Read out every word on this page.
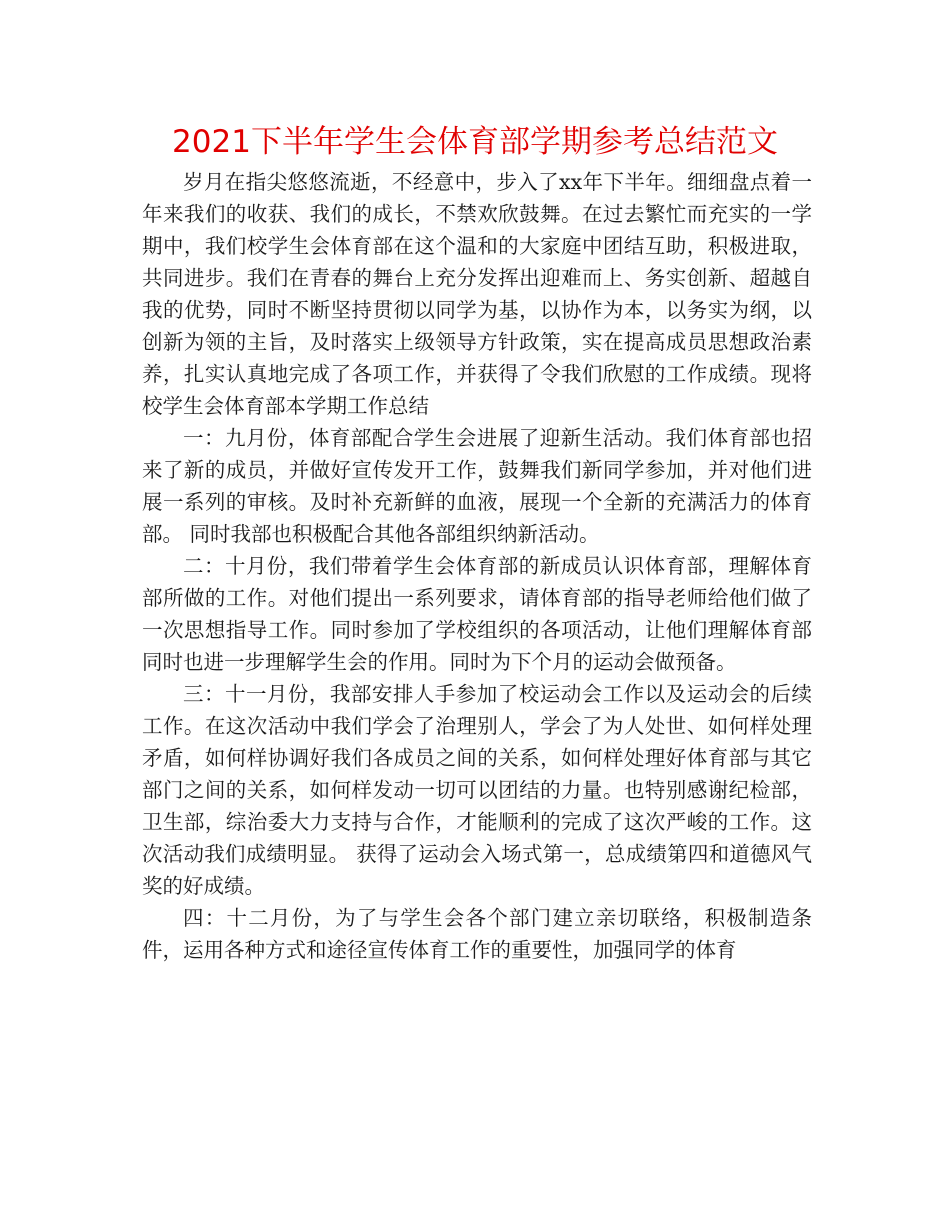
2021下半年学生会体育部学期参考总结范文

岁月在指尖悠悠流逝，不经意中，步入了xx年下半年。细细盘点着一年来我们的收获、我们的成长，不禁欢欣鼓舞。在过去繁忙而充实的一学期中，我们校学生会体育部在这个温和的大家庭中团结互助，积极进取，共同进步。我们在青春的舞台上充分发挥出迎难而上、务实创新、超越自我的优势，同时不断坚持贯彻以同学为基，以协作为本，以务实为纲，以创新为领的主旨，及时落实上级领导方针政策，实在提高成员思想政治素养，扎实认真地完成了各项工作，并获得了令我们欣慰的工作成绩。现将校学生会体育部本学期工作总结

一：九月份，体育部配合学生会进展了迎新生活动。我们体育部也招来了新的成员，并做好宣传发开工作，鼓舞我们新同学参加，并对他们进展一系列的审核。及时补充新鲜的血液，展现一个全新的充满活力的体育部。 同时我部也积极配合其他各部组织纳新活动。

二：十月份，我们带着学生会体育部的新成员认识体育部，理解体育部所做的工作。对他们提出一系列要求，请体育部的指导老师给他们做了一次思想指导工作。同时参加了学校组织的各项活动，让他们理解体育部同时也进一步理解学生会的作用。同时为下个月的运动会做预备。

三：十一月份，我部安排人手参加了校运动会工作以及运动会的后续工作。在这次活动中我们学会了治理别人，学会了为人处世、如何样处理矛盾，如何样协调好我们各成员之间的关系，如何样处理好体育部与其它部门之间的关系，如何样发动一切可以团结的力量。也特别感谢纪检部，卫生部，综治委大力支持与合作，才能顺利的完成了这次严峻的工作。这次活动我们成绩明显。 获得了运动会入场式第一，总成绩第四和道德风气奖的好成绩。

四：十二月份，为了与学生会各个部门建立亲切联络，积极制造条件，运用各种方式和途径宣传体育工作的重要性，加强同学的体育
